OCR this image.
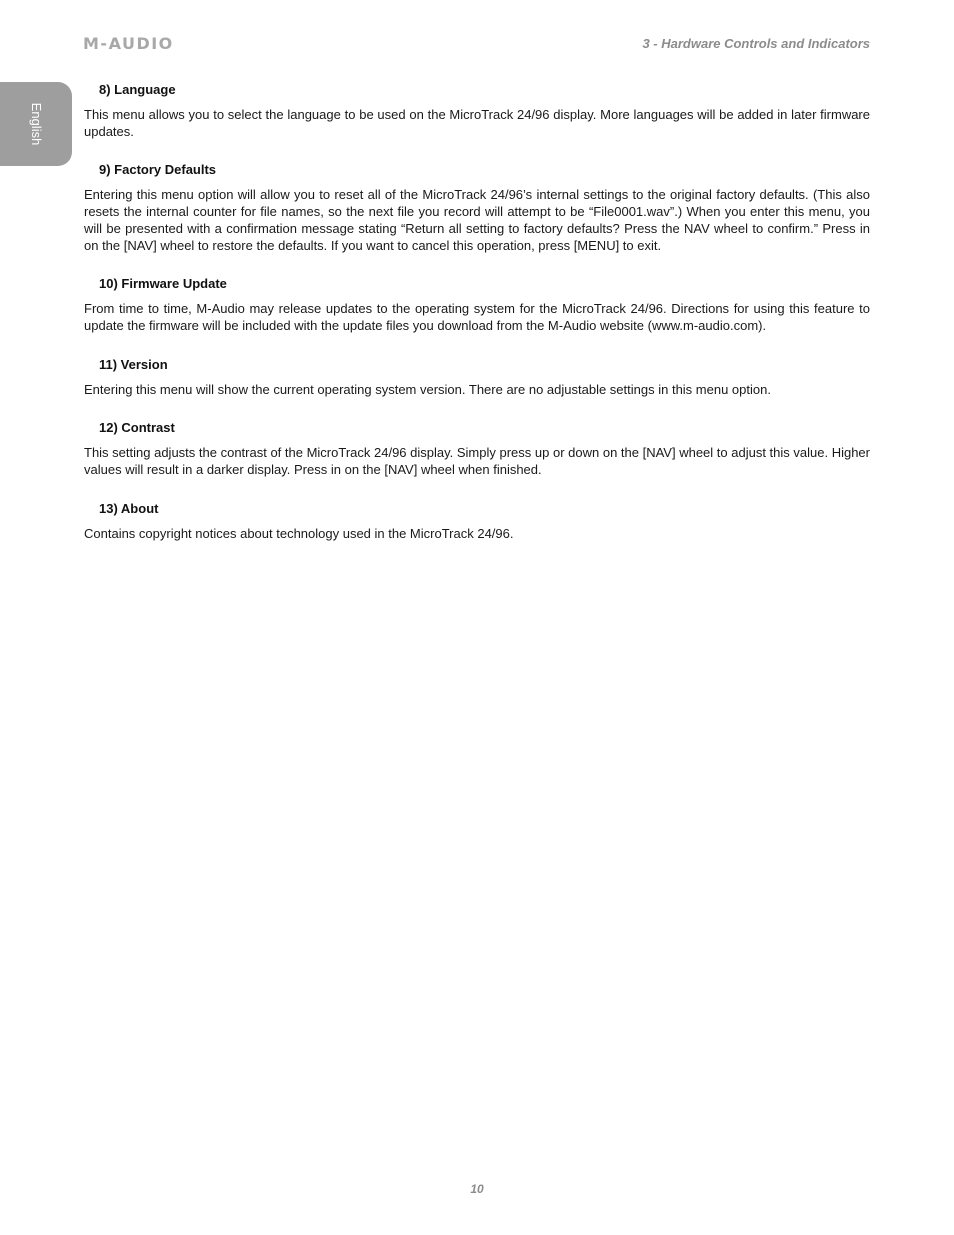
M-AUDIO	3 - Hardware Controls and Indicators
English
8) Language

This menu allows you to select the language to be used on the MicroTrack 24/96 display. More languages will be added in later firmware updates.

9) Factory Defaults

Entering this menu option will allow you to reset all of the MicroTrack 24/96’s internal settings to the original factory defaults. (This also resets the internal counter for file names, so the next file you record will attempt to be “File0001.wav”.) When you enter this menu, you will be presented with a confirmation message stating “Return all setting to factory defaults? Press the NAV wheel to confirm.” Press in on the [NAV] wheel to restore the defaults. If you want to cancel this operation, press [MENU] to exit.

10) Firmware Update

From time to time, M-Audio may release updates to the operating system for the MicroTrack 24/96. Directions for using this feature to update the firmware will be included with the update files you download from the M-Audio website (www.m-audio.com).

11) Version

Entering this menu will show the current operating system version. There are no adjustable settings in this menu option.

12) Contrast

This setting adjusts the contrast of the MicroTrack 24/96 display. Simply press up or down on the [NAV] wheel to adjust this value. Higher values will result in a darker display. Press in on the [NAV] wheel when finished.

13) About

Contains copyright notices about technology used in the MicroTrack 24/96.

10
